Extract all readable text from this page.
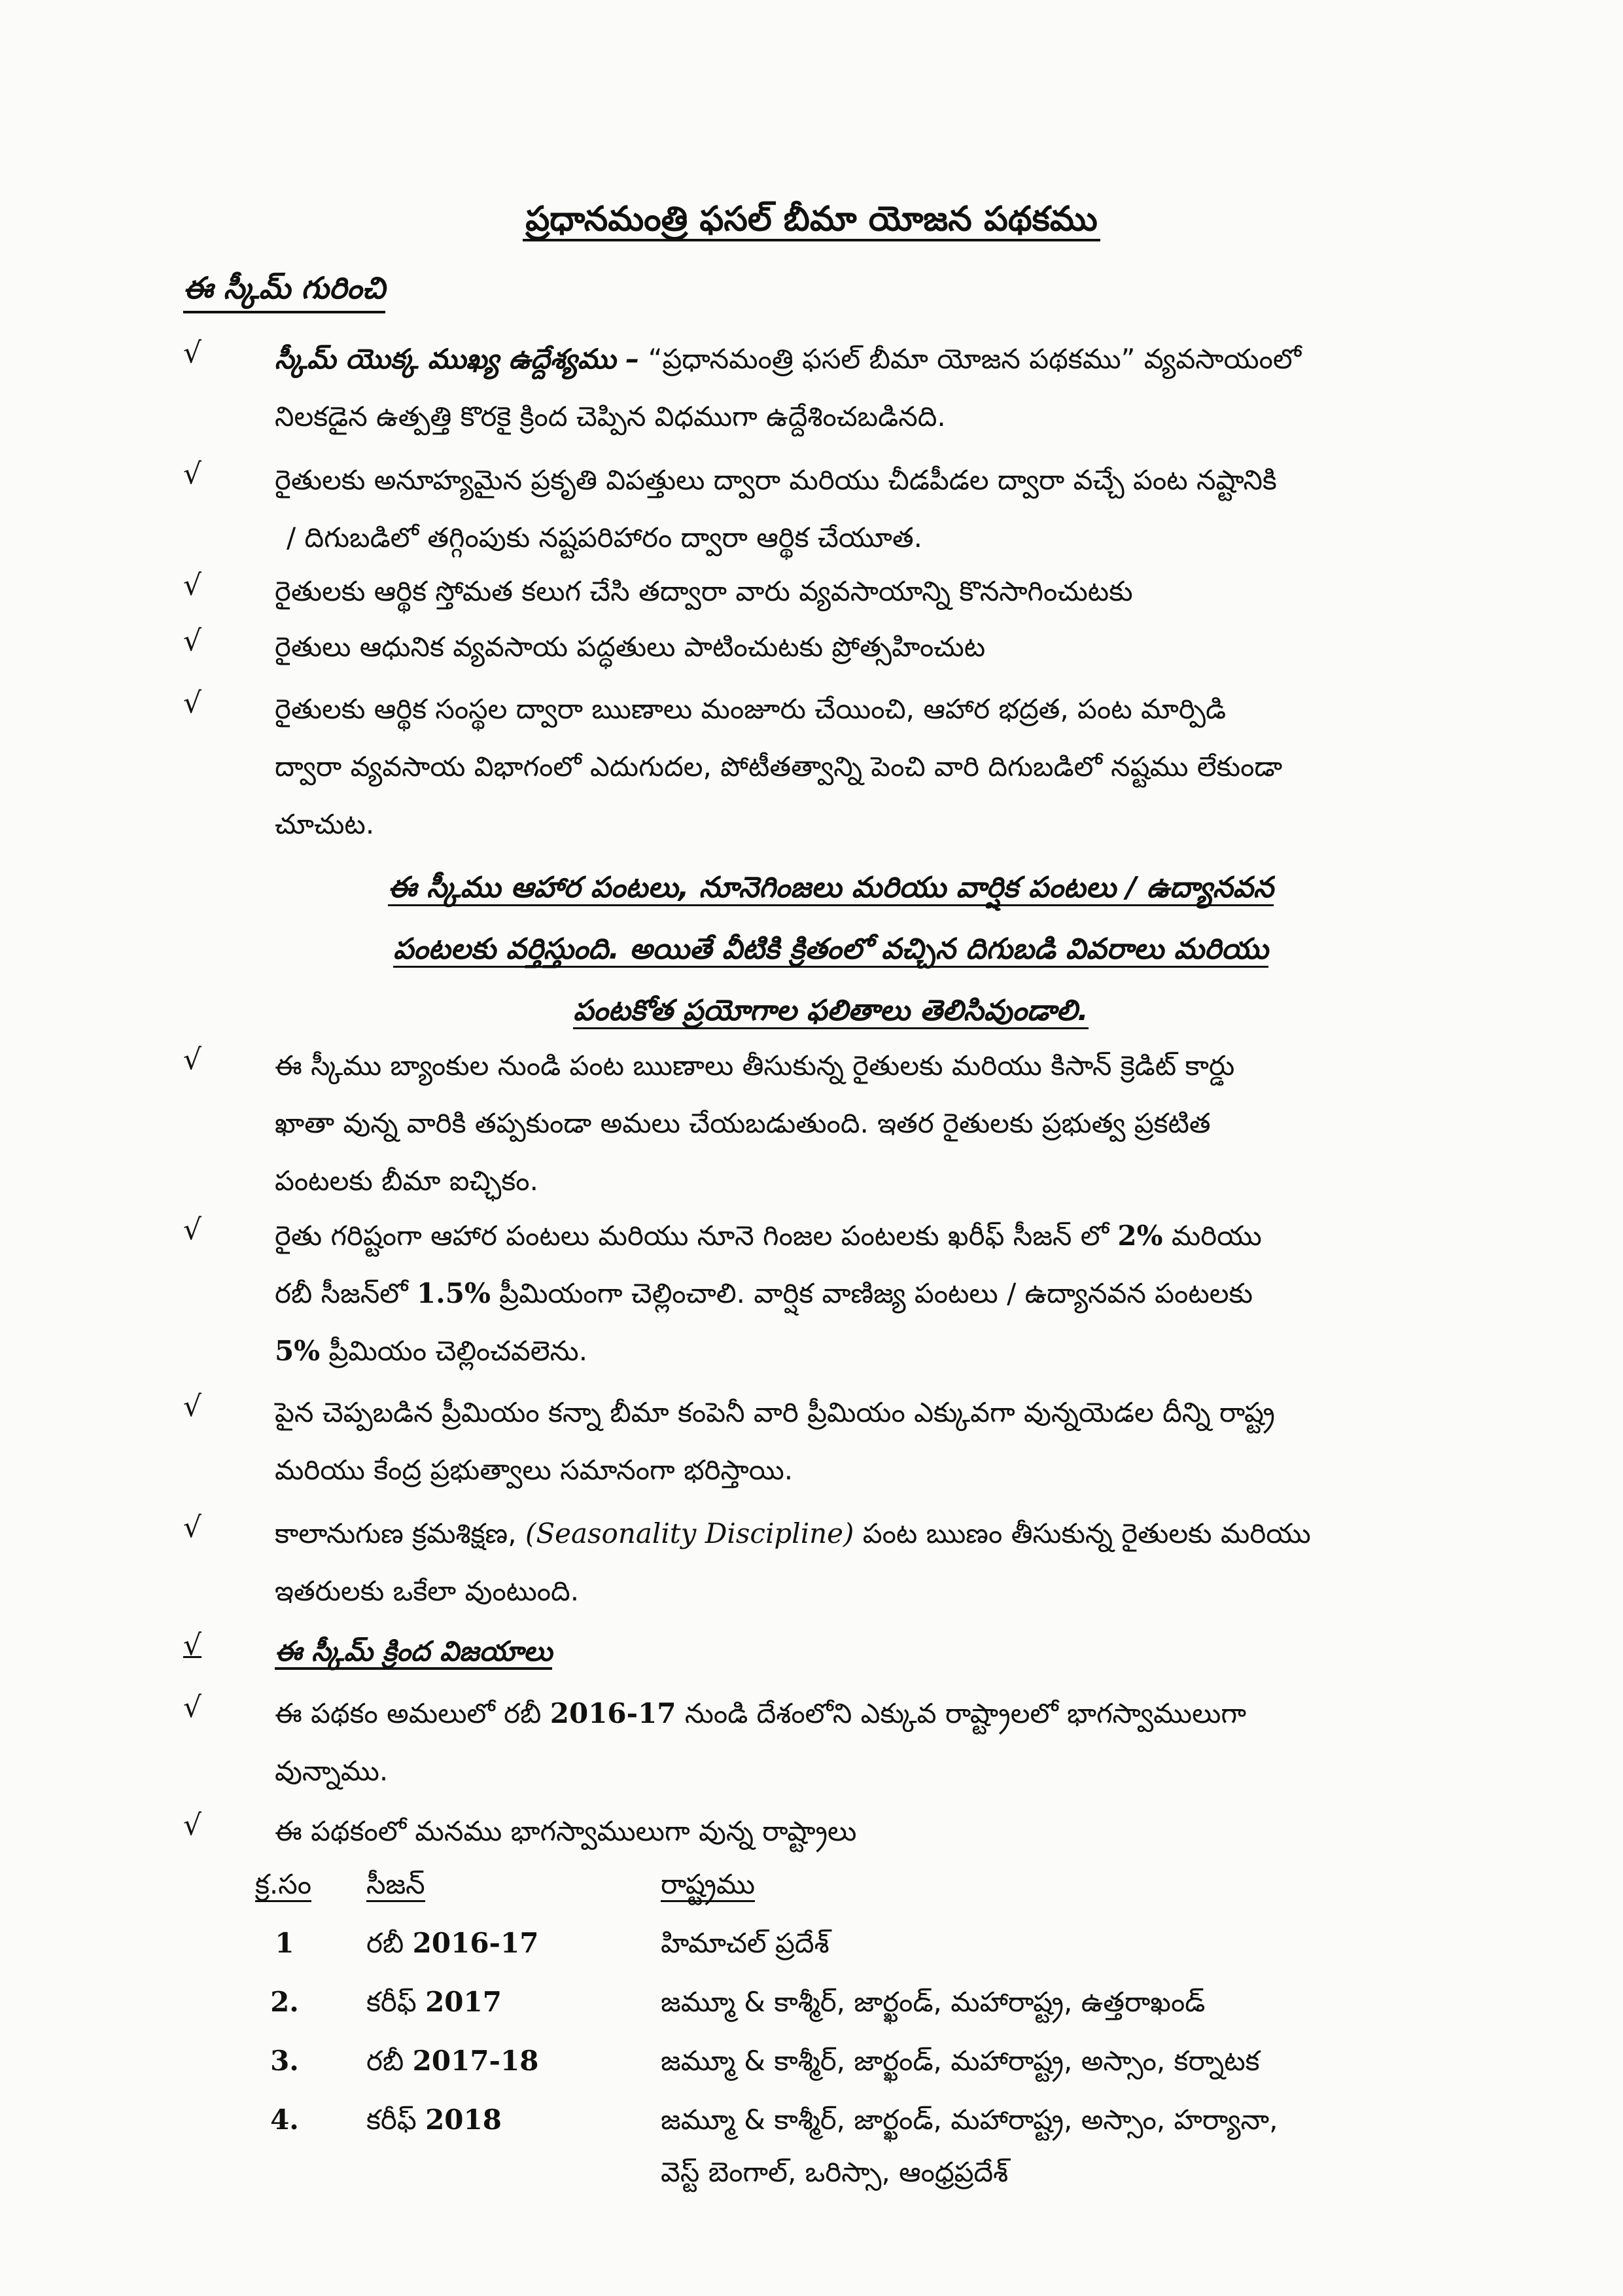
ప్రధానమంత్రి ఫసల్ బీమా యోజన పథకము
ఈ స్కీమ్ గురించి
√	స్కీమ్ యొక్క ముఖ్య ఉద్దేశ్యము – “ప్రధానమంత్రి ఫసల్ బీమా యోజన పథకము” వ్యవసాయంలో
నిలకడైన ఉత్పత్తి కొరకై క్రింద చెప్పిన విధముగా ఉద్దేశించబడినది.
√	రైతులకు అనూహ్యమైన ప్రకృతి విపత్తులు ద్వారా మరియు చీడపీడల ద్వారా వచ్చే పంట నష్టానికి
/ దిగుబడిలో తగ్గింపుకు నష్టపరిహారం ద్వారా ఆర్థిక చేయూత.
√	రైతులకు ఆర్థిక స్తోమత కలుగ చేసి తద్వారా వారు వ్యవసాయాన్ని కొనసాగించుటకు
√	రైతులు ఆధునిక వ్యవసాయ పద్ధతులు పాటించుటకు ప్రోత్సహించుట
√	రైతులకు ఆర్థిక సంస్థల ద్వారా ఋణాలు మంజూరు చేయించి, ఆహార భద్రత, పంట మార్పిడి
ద్వారా వ్యవసాయ విభాగంలో ఎదుగుదల, పోటీతత్వాన్ని పెంచి వారి దిగుబడిలో నష్టము లేకుండా
చూచుట.
ఈ స్కీము ఆహార పంటలు, నూనెగింజలు మరియు వార్షిక పంటలు / ఉద్యానవన
పంటలకు వర్తిస్తుంది. అయితే వీటికి క్రితంలో వచ్చిన దిగుబడి వివరాలు మరియు
పంటకోత ప్రయోగాల ఫలితాలు తెలిసివుండాలి.
√	ఈ స్కీము బ్యాంకుల నుండి పంట ఋణాలు తీసుకున్న రైతులకు మరియు కిసాన్ క్రెడిట్ కార్డు
ఖాతా వున్న వారికి తప్పకుండా అమలు చేయబడుతుంది. ఇతర రైతులకు ప్రభుత్వ ప్రకటిత
పంటలకు బీమా ఐచ్ఛికం.
√	రైతు గరిష్టంగా ఆహార పంటలు మరియు నూనె గింజల పంటలకు ఖరీఫ్ సీజన్ లో 2% మరియు
రబీ సీజన్‌లో 1.5% ప్రీమియంగా చెల్లించాలి. వార్షిక వాణిజ్య పంటలు / ఉద్యానవన పంటలకు
5% ప్రీమియం చెల్లించవలెను.
√	పైన చెప్పబడిన ప్రీమియం కన్నా బీమా కంపెనీ వారి ప్రీమియం ఎక్కువగా వున్నయెడల దీన్ని రాష్ట్ర
మరియు కేంద్ర ప్రభుత్వాలు సమానంగా భరిస్తాయి.
√	కాలానుగుణ క్రమశిక్షణ, (Seasonality Discipline) పంట ఋణం తీసుకున్న రైతులకు మరియు
ఇతరులకు ఒకేలా వుంటుంది.
√	ఈ స్కీమ్ క్రింద విజయాలు
√	ఈ పథకం అమలులో రబీ 2016-17 నుండి దేశంలోని ఎక్కువ రాష్ట్రాలలో భాగస్వాములుగా
వున్నాము.
√	ఈ పథకంలో మనము భాగస్వాములుగా వున్న రాష్ట్రాలు
క్ర.సం	సీజన్	రాష్ట్రము
1	రబీ 2016-17	హిమాచల్ ప్రదేశ్
2.	కరీఫ్ 2017	జమ్మూ & కాశ్మీర్, జార్ఖండ్, మహారాష్ట్ర, ఉత్తరాఖండ్
3.	రబీ 2017-18	జమ్మూ & కాశ్మీర్, జార్ఖండ్, మహారాష్ట్ర, అస్సాం, కర్నాటక
4.	కరీఫ్ 2018	జమ్మూ & కాశ్మీర్, జార్ఖండ్, మహారాష్ట్ర, అస్సాం, హర్యానా,
వెస్ట్ బెంగాల్, ఒరిస్సా, ఆంధ్రప్రదేశ్
